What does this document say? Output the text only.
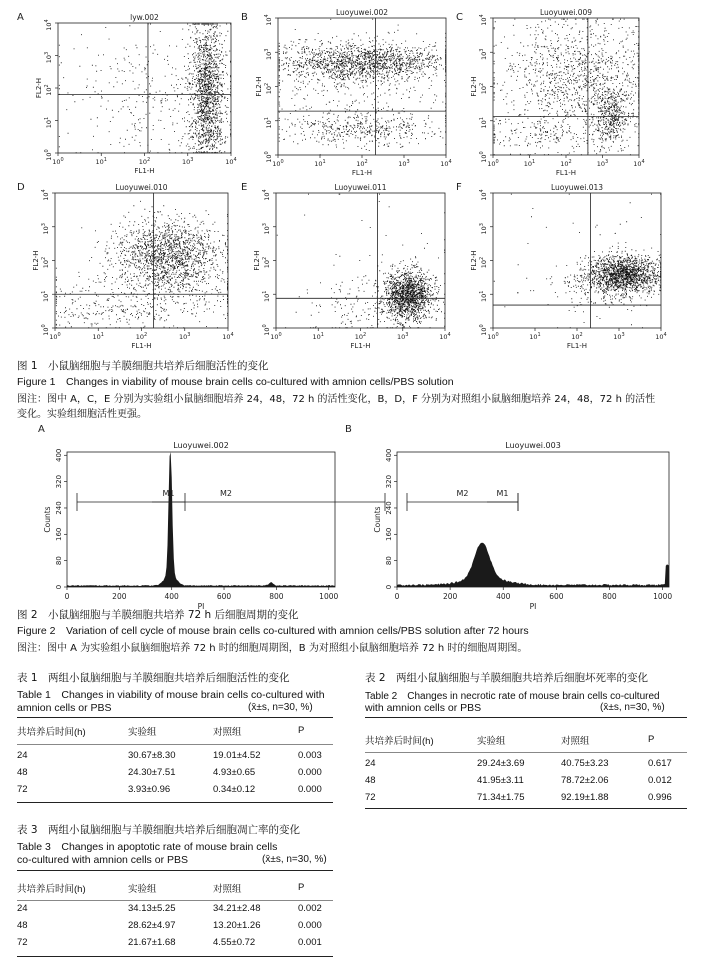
A	lyw.002
$10^0$
$10^0$
$10^1$
$10^1$
$10^2$
$10^2$
$10^3$
$10^3$
$10^4$
$10^4$
FL1-H
FL2-H
B	Luoyuwei.002
$10^0$
$10^0$
$10^1$
$10^1$
$10^2$
$10^2$
$10^3$
$10^3$
$10^4$
$10^4$
FL1-H
FL2-H
C	Luoyuwei.009
$10^0$
$10^0$
$10^1$
$10^1$
$10^2$
$10^2$
$10^3$
$10^3$
$10^4$
$10^4$
FL1-H
FL2-H
D	Luoyuwei.010
$10^0$
$10^0$
$10^1$
$10^1$
$10^2$
$10^2$
$10^3$
$10^3$
$10^4$
$10^4$
FL1-H
FL2-H
E	Luoyuwei.011
$10^0$
$10^0$
$10^1$
$10^1$
$10^2$
$10^2$
$10^3$
$10^3$
$10^4$
$10^4$
FL1-H
FL2-H
F	Luoyuwei.013
$10^0$
$10^0$
$10^1$
$10^1$
$10^2$
$10^2$
$10^3$
$10^3$
$10^4$
$10^4$
FL1-H
FL2-H
图 1　小鼠脑细胞与羊膜细胞共培养后细胞活性的变化
Figure 1　Changes in viability of mouse brain cells co-cultured with amnion cells/PBS solution
图注：图中 A，C，E 分别为实验组小鼠脑细胞培养 24，48，72 h 的活性变化，B，D，F 分别为对照组小鼠脑细胞培养 24，48，72 h 的活性
变化。实验组细胞活性更强。
A
Luoyuwei.002
M2
M1
0
80
160
240
320
400
0	200	400	600	800	1000
PI
Counts
B
Luoyuwei.003
M2	M1
0
80
160
240
320
400
0	200	400	600	800	1000
PI
Counts
图 2　小鼠脑细胞与羊膜细胞共培养 72 h 后细胞周期的变化
Figure 2　Variation of cell cycle of mouse brain cells co-cultured with amnion cells/PBS solution after 72 hours
图注：图中 A 为实验组小鼠脑细胞培养 72 h 时的细胞周期图，B 为对照组小鼠脑细胞培养 72 h 时的细胞周期图。
表 1　两组小鼠脑细胞与羊膜细胞共培养后细胞活性的变化
Table 1　Changes in viability of mouse brain cells co-cultured with
amnion cells or PBS	(x̄±s, n=30, %)
共培养后时间(h)	实验组	对照组	P

24	30.67±8.30	19.01±4.52	0.003
48	24.30±7.51	4.93±0.65	0.000
72	3.93±0.96	0.34±0.12	0.000
表 2　两组小鼠脑细胞与羊膜细胞共培养后细胞坏死率的变化
Table 2　Changes in necrotic rate of mouse brain cells co-cultured
with amnion cells or PBS	(x̄±s, n=30, %)
共培养后时间(h)	实验组	对照组	P

24	29.24±3.69	40.75±3.23	0.617
48	41.95±3.11	78.72±2.06	0.012
72	71.34±1.75	92.19±1.88	0.996
表 3　两组小鼠脑细胞与羊膜细胞共培养后细胞凋亡率的变化
Table 3　Changes in apoptotic rate of mouse brain cells
co-cultured with amnion cells or PBS	(x̄±s, n=30, %)
共培养后时间(h)	实验组	对照组	P

24	34.13±5.25	34.21±2.48	0.002
48	28.62±4.97	13.20±1.26	0.000
72	21.67±1.68	4.55±0.72	0.001
